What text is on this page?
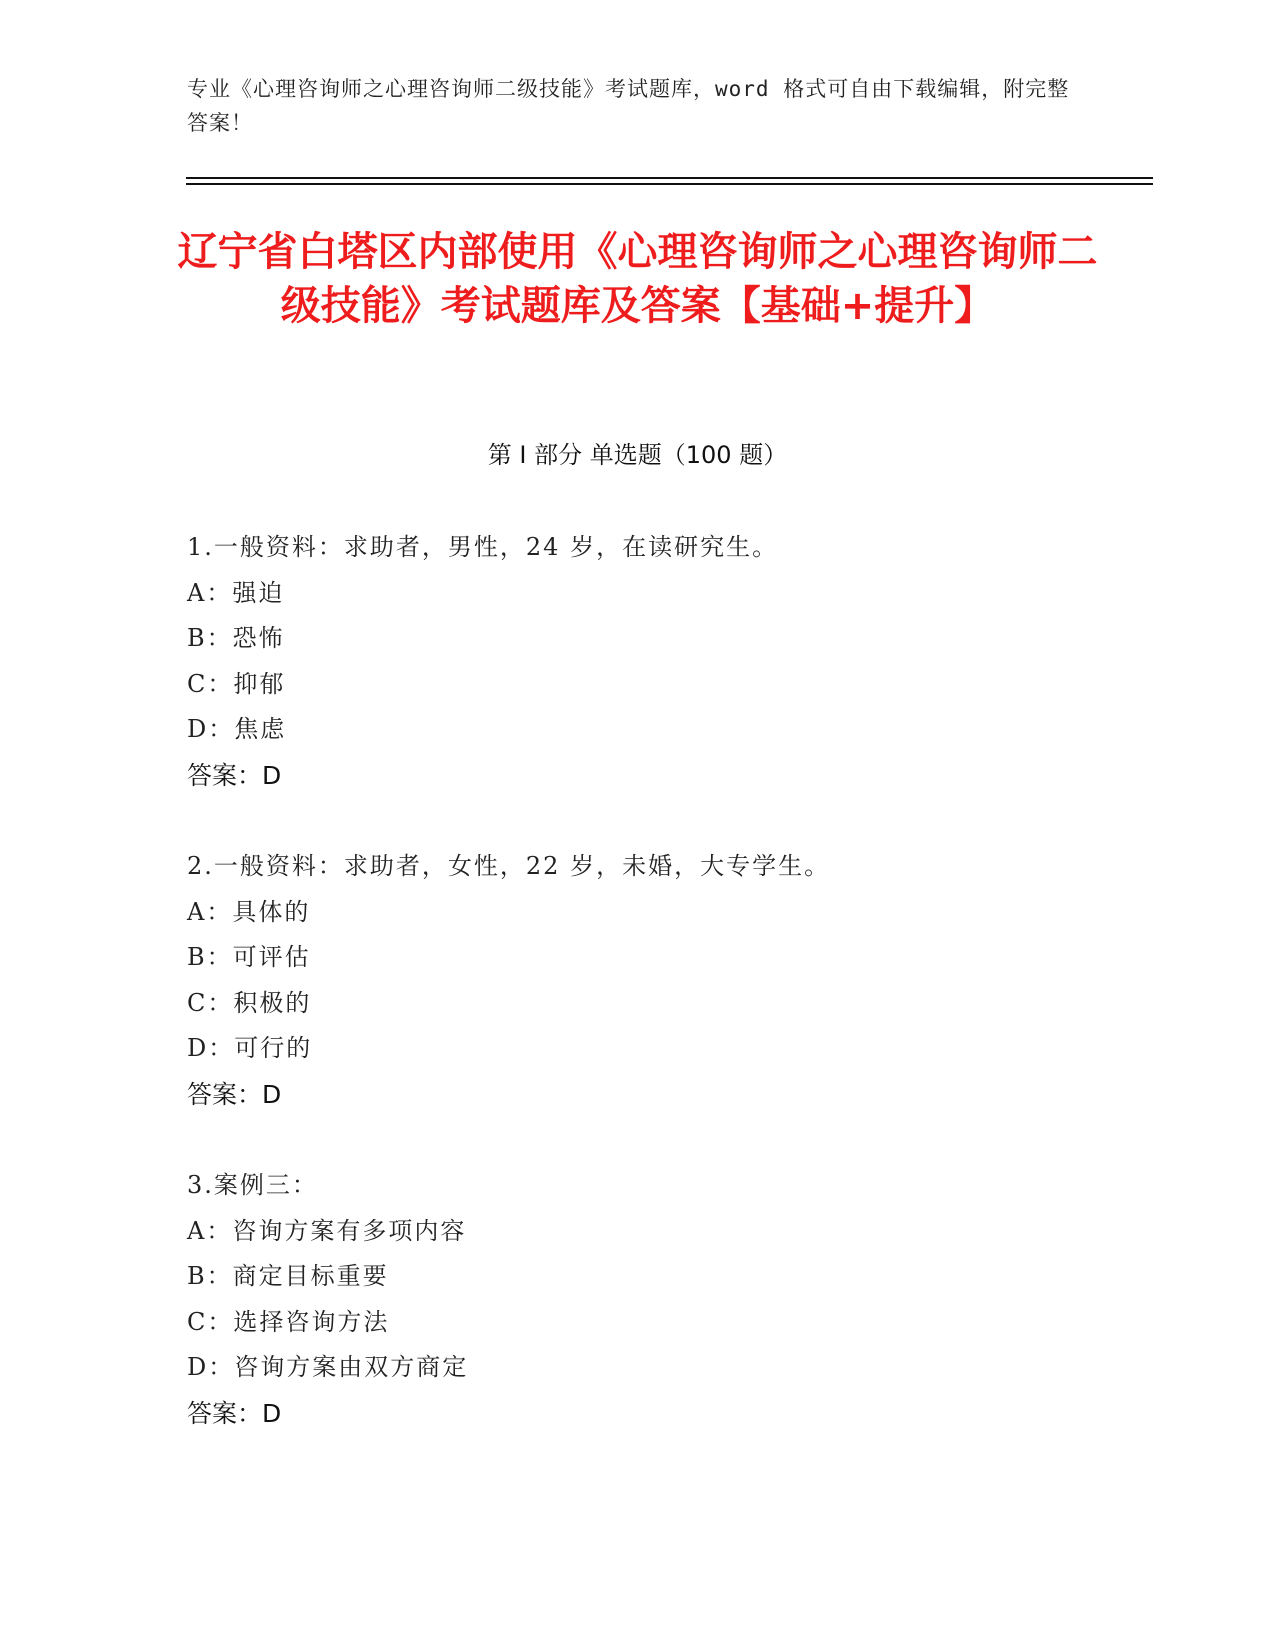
专业《心理咨询师之心理咨询师二级技能》考试题库，word 格式可自由下载编辑，附完整答案！
辽宁省白塔区内部使用《心理咨询师之心理咨询师二级技能》考试题库及答案【基础+提升】
第 I 部分 单选题（100 题）
1.一般资料：求助者，男性，24 岁，在读研究生。
A：强迫
B：恐怖
C：抑郁
D：焦虑
答案：D
2.一般资料：求助者，女性，22 岁，未婚，大专学生。
A：具体的
B：可评估
C：积极的
D：可行的
答案：D
3.案例三：
A：咨询方案有多项内容
B：商定目标重要
C：选择咨询方法
D：咨询方案由双方商定
答案：D
